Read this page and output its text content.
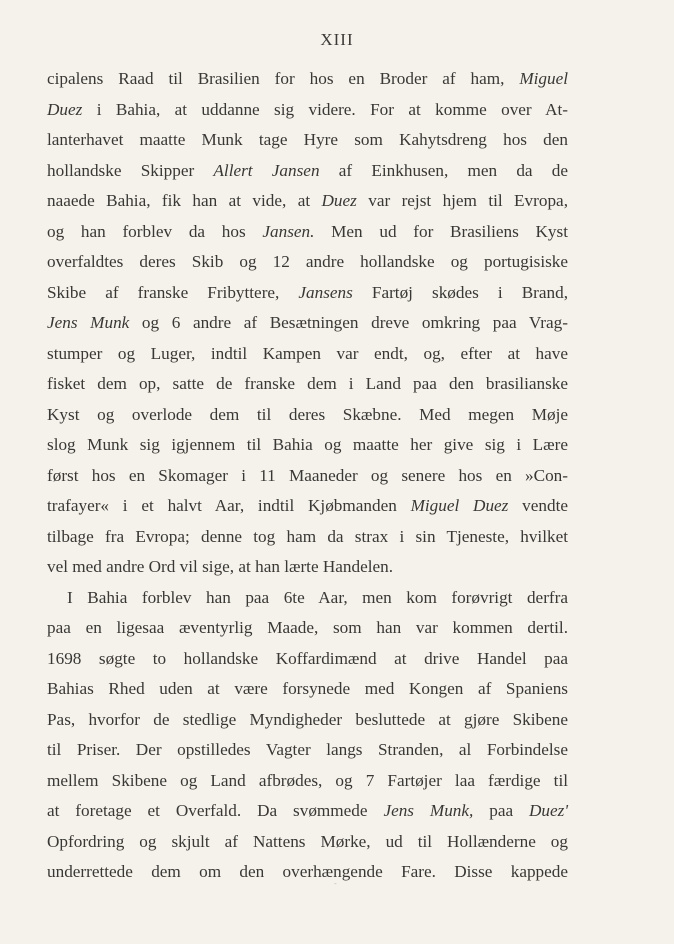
XIII
cipalens Raad til Brasilien for hos en Broder af ham, Miguel
Duez i Bahia, at uddanne sig videre. For at komme over At-
lanterhavet maatte Munk tage Hyre som Kahytsdreng hos den
hollandske Skipper Allert Jansen af Einkhusen, men da de
naaede Bahia, fik han at vide, at Duez var rejst hjem til Evropa,
og han forblev da hos Jansen. Men ud for Brasiliens Kyst
overfaldtes deres Skib og 12 andre hollandske og portugisiske
Skibe af franske Fribyttere, Jansens Fartøj skødes i Brand,
Jens Munk og 6 andre af Besætningen dreve omkring paa Vrag-
stumper og Luger, indtil Kampen var endt, og, efter at have
fisket dem op, satte de franske dem i Land paa den brasilianske
Kyst og overlode dem til deres Skæbne. Med megen Møje
slog Munk sig igjennem til Bahia og maatte her give sig i Lære
først hos en Skomager i 11 Maaneder og senere hos en »Con-
trafayer« i et halvt Aar, indtil Kjøbmanden Miguel Duez vendte
tilbage fra Evropa; denne tog ham da strax i sin Tjeneste, hvilket
vel med andre Ord vil sige, at han lærte Handelen.
I Bahia forblev han paa 6te Aar, men kom forøvrigt derfra
paa en ligesaa æventyrlig Maade, som han var kommen dertil.
1698 søgte to hollandske Koffardimænd at drive Handel paa
Bahias Rhed uden at være forsynede med Kongen af Spaniens
Pas, hvorfor de stedlige Myndigheder besluttede at gjøre Skibene
til Priser. Der opstilledes Vagter langs Stranden, al Forbindelse
mellem Skibene og Land afbrødes, og 7 Fartøjer laa færdige til
at foretage et Overfald. Da svømmede Jens Munk, paa Duez'
Opfordring og skjult af Nattens Mørke, ud til Hollænderne og
underrettede dem om den overhængende Fare. Disse kappede
-
